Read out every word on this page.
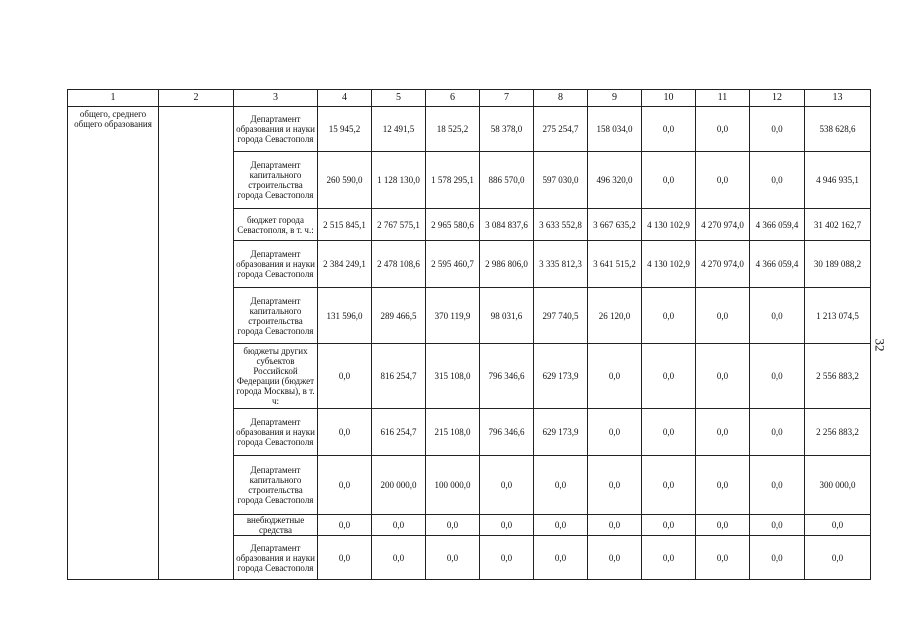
1	2	3	4	5	6	7	8	9	10	11	12	13
общего, среднего общего образования		Департамент образования и науки города Севастополя	15 945,2	12 491,5	18 525,2	58 378,0	275 254,7	158 034,0	0,0	0,0	0,0	538 628,6
		Департамент капитального строительства города Севастополя	260 590,0	1 128 130,0	1 578 295,1	886 570,0	597 030,0	496 320,0	0,0	0,0	0,0	4 946 935,1
		бюджет города Севастополя, в т. ч.:	2 515 845,1	2 767 575,1	2 965 580,6	3 084 837,6	3 633 552,8	3 667 635,2	4 130 102,9	4 270 974,0	4 366 059,4	31 402 162,7
		Департамент образования и науки города Севастополя	2 384 249,1	2 478 108,6	2 595 460,7	2 986 806,0	3 335 812,3	3 641 515,2	4 130 102,9	4 270 974,0	4 366 059,4	30 189 088,2
		Департамент капитального строительства города Севастополя	131 596,0	289 466,5	370 119,9	98 031,6	297 740,5	26 120,0	0,0	0,0	0,0	1 213 074,5
		бюджеты других субъектов Российской Федерации (бюджет города Москвы), в т. ч:	0,0	816 254,7	315 108,0	796 346,6	629 173,9	0,0	0,0	0,0	0,0	2 556 883,2
		Департамент образования и науки города Севастополя	0,0	616 254,7	215 108,0	796 346,6	629 173,9	0,0	0,0	0,0	0,0	2 256 883,2
		Департамент капитального строительства города Севастополя	0,0	200 000,0	100 000,0	0,0	0,0	0,0	0,0	0,0	0,0	300 000,0
		внебюджетные средства	0,0	0,0	0,0	0,0	0,0	0,0	0,0	0,0	0,0	0,0
		Департамент образования и науки города Севастополя	0,0	0,0	0,0	0,0	0,0	0,0	0,0	0,0	0,0	0,0
32
